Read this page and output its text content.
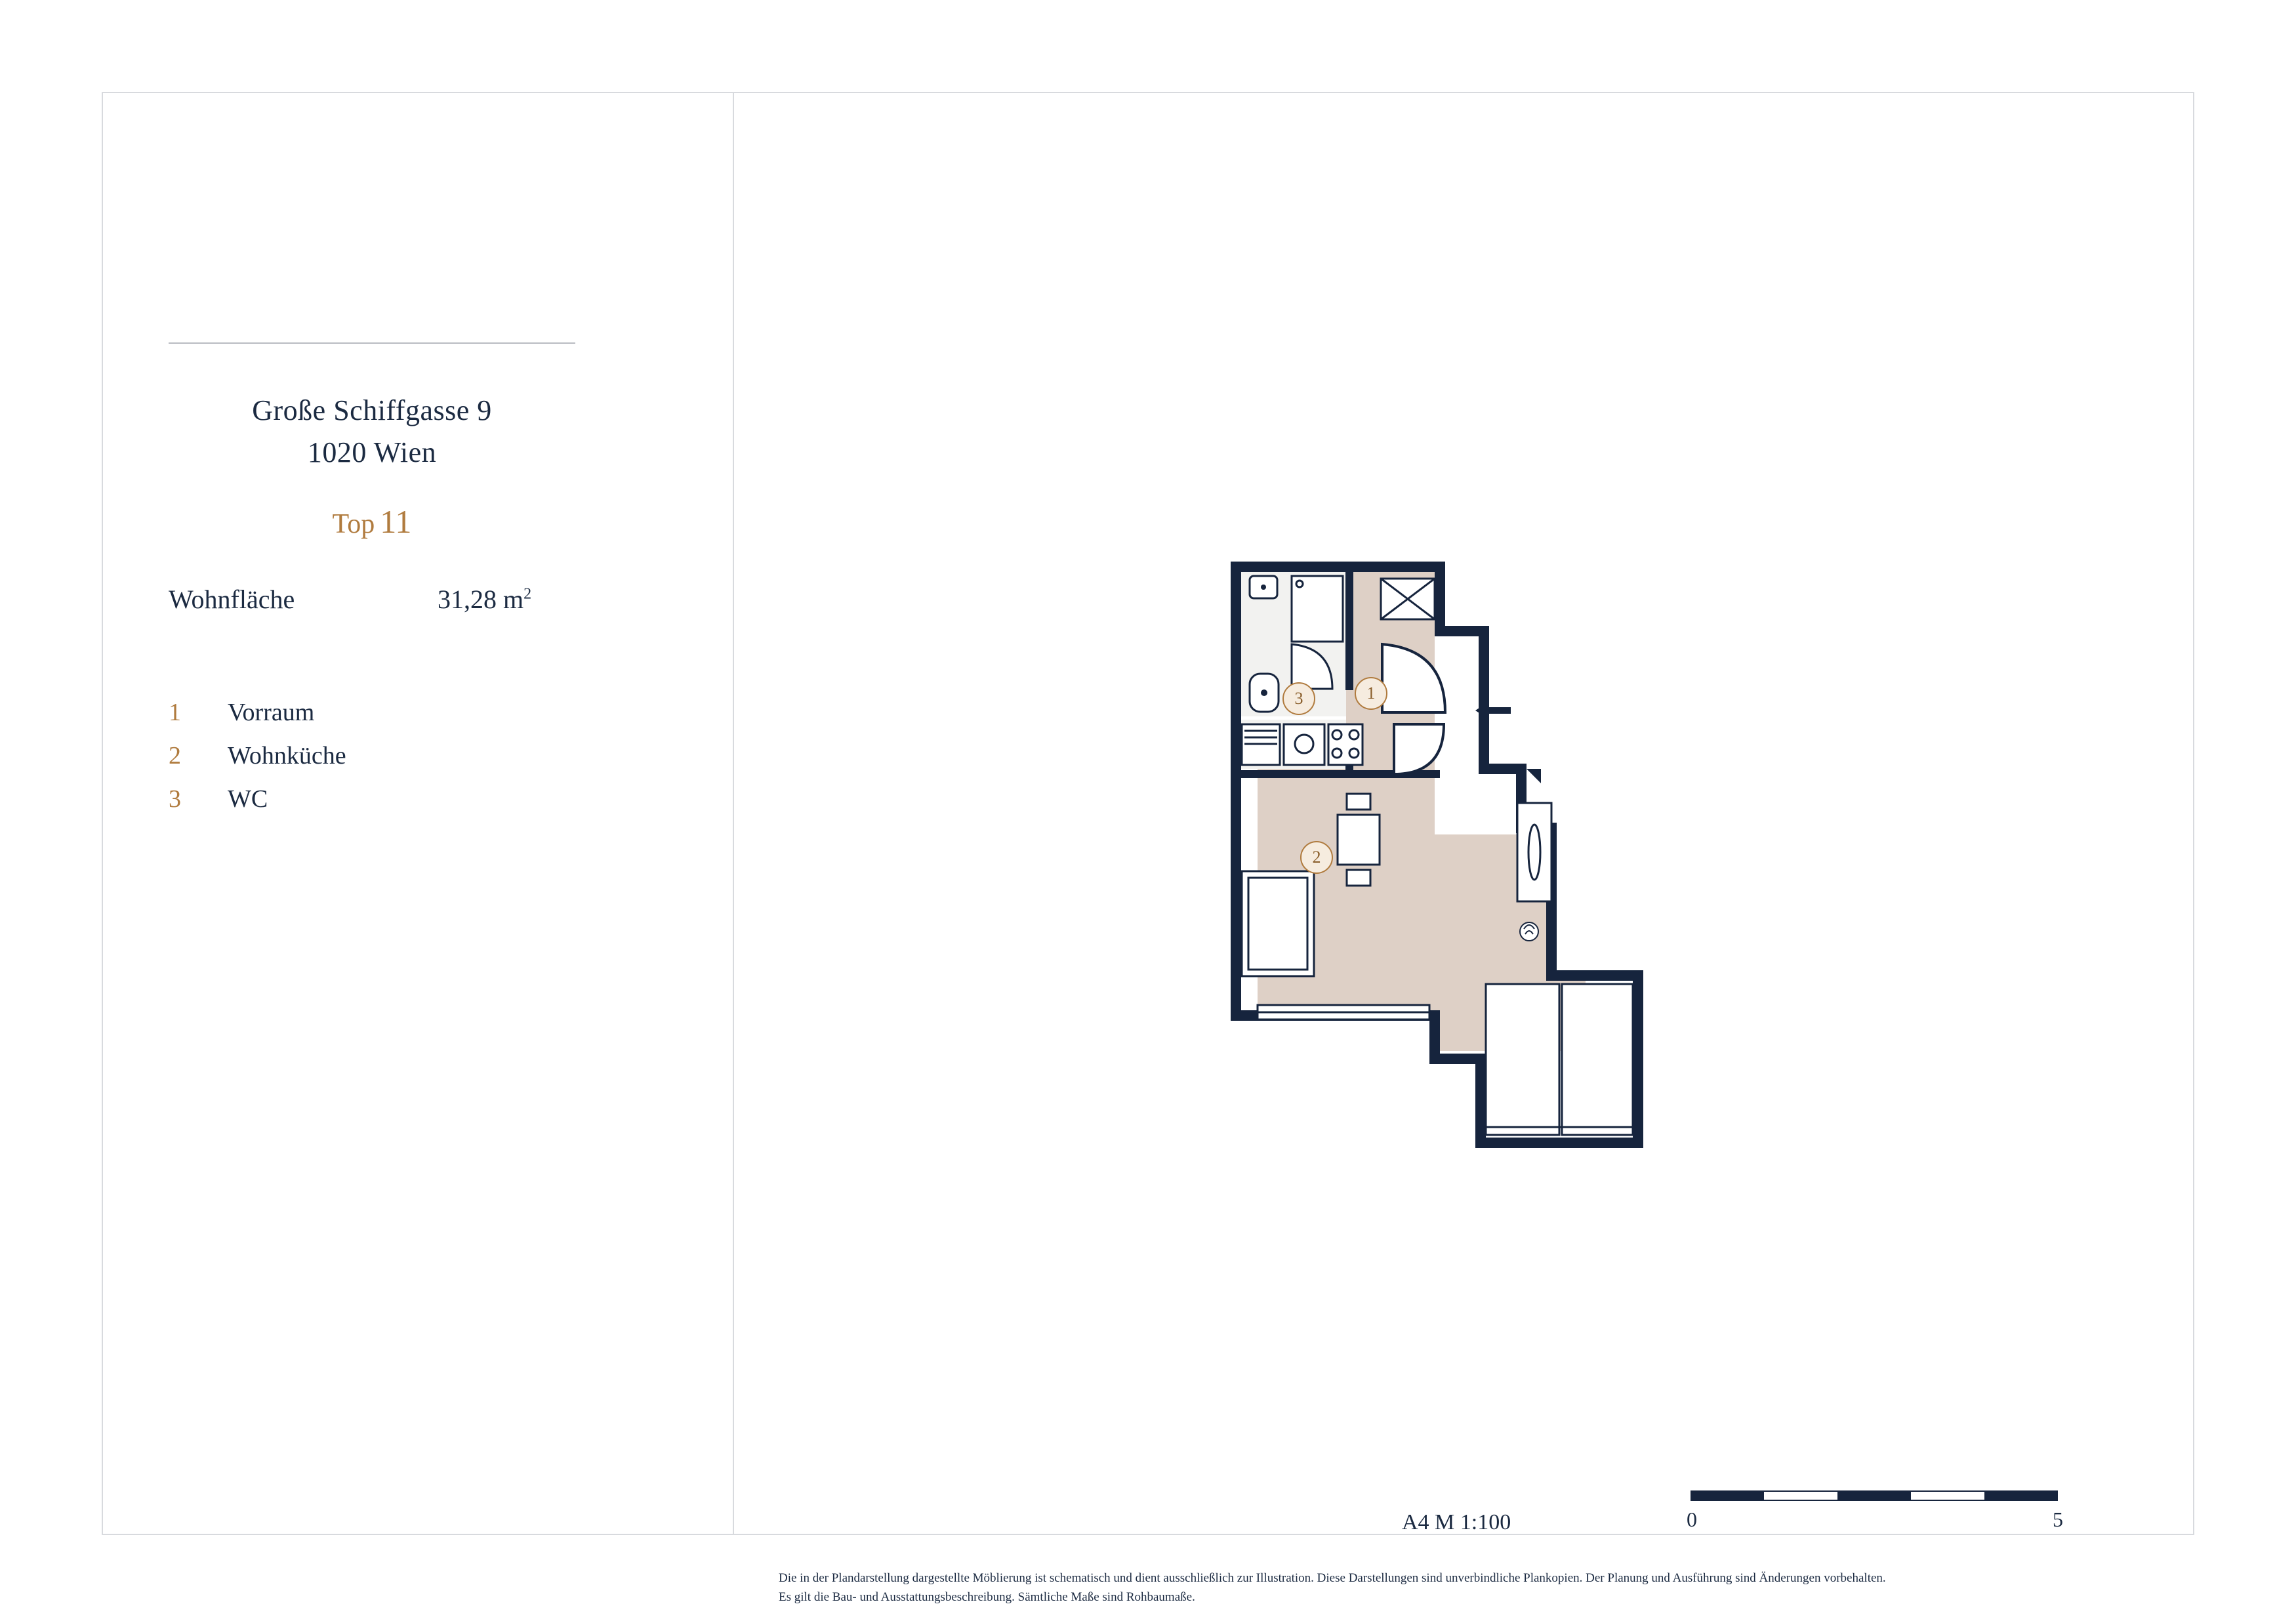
Große Schiffgasse 9
1020 Wien
Top 11
Wohnfläche	31,28 $m^2$
1	Vorraum
2	Wohnküche
3	WC
1
2
3
A4 M 1:100	0	5
Die in der Plandarstellung dargestellte Möblierung ist schematisch und dient ausschließlich zur Illustration. Diese Darstellungen sind unverbindliche Plankopien. Der Planung und Ausführung sind Änderungen vorbehalten. Es gilt die Bau- und Ausstattungsbeschreibung. Sämtliche Maße sind Rohbaumaße.
